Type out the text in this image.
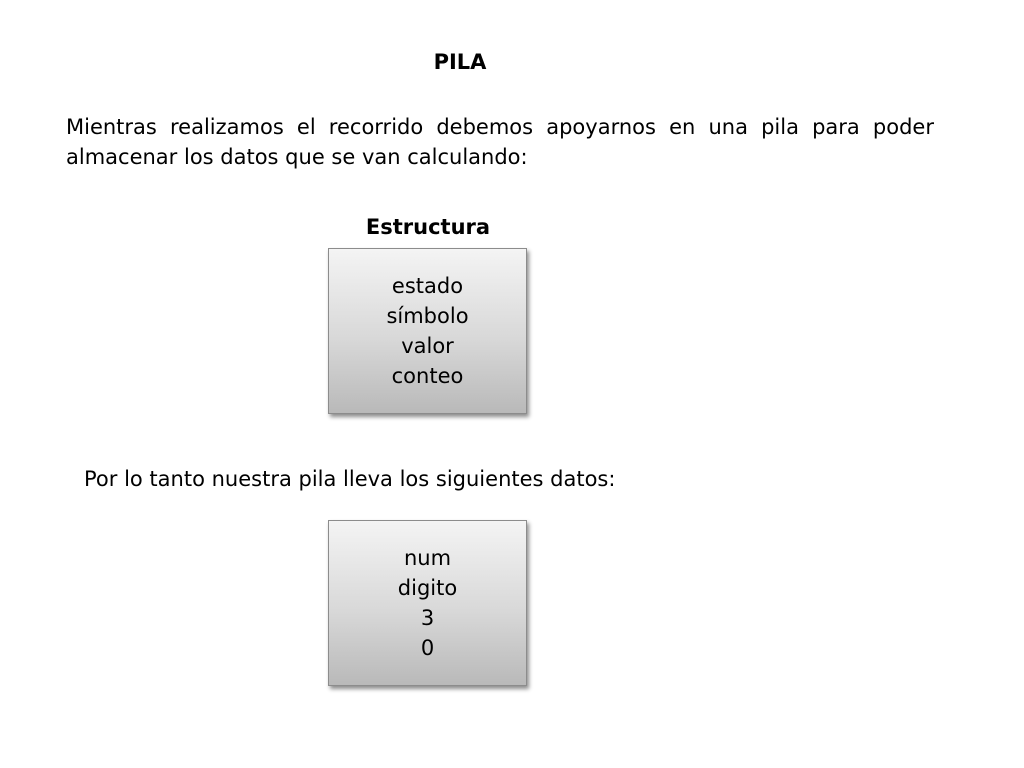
PILA
Mientras realizamos el recorrido debemos apoyarnos en una pila para poder almacenar los datos que se van calculando:
Estructura
estado
símbolo
valor
conteo
Por lo tanto nuestra pila lleva los siguientes datos:
num
digito
3
0
